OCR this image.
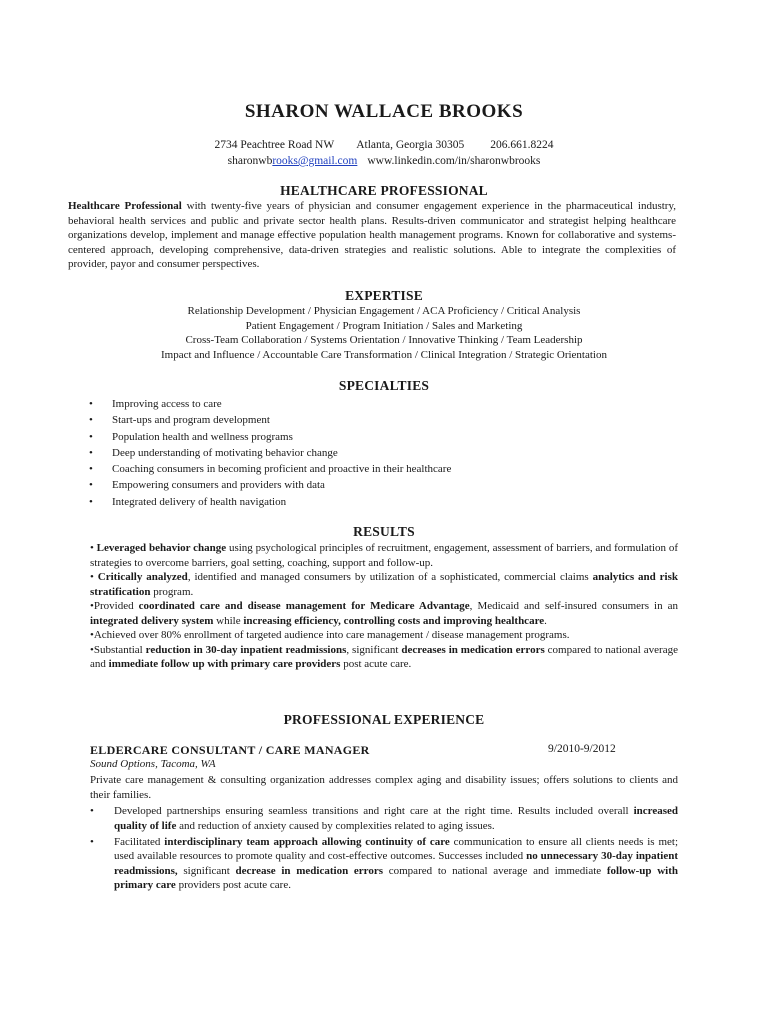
SHARON WALLACE BROOKS
2734 Peachtree Road NW Atlanta, Georgia 30305 206.661.8224
sharonwbrooks@gmail.com www.linkedin.com/in/sharonwbrooks
HEALTHCARE PROFESSIONAL
Healthcare Professional with twenty-five years of physician and consumer engagement experience in the pharmaceutical industry, behavioral health services and public and private sector health plans. Results-driven communicator and strategist helping healthcare organizations develop, implement and manage effective population health management programs. Known for collaborative and systems-centered approach, developing comprehensive, data-driven strategies and realistic solutions. Able to integrate the complexities of provider, payor and consumer perspectives.
EXPERTISE
Relationship Development / Physician Engagement / ACA Proficiency / Critical Analysis
Patient Engagement / Program Initiation / Sales and Marketing
Cross-Team Collaboration / Systems Orientation / Innovative Thinking / Team Leadership
Impact and Influence / Accountable Care Transformation / Clinical Integration / Strategic Orientation
SPECIALTIES
• Improving access to care
• Start-ups and program development
• Population health and wellness programs
• Deep understanding of motivating behavior change
• Coaching consumers in becoming proficient and proactive in their healthcare
• Empowering consumers and providers with data
• Integrated delivery of health navigation
RESULTS

• Leveraged behavior change using psychological principles of recruitment, engagement, assessment of barriers, and formulation of strategies to overcome barriers, goal setting, coaching, support and follow-up.

• Critically analyzed, identified and managed consumers by utilization of a sophisticated, commercial claims analytics and risk stratification program.

•Provided coordinated care and disease management for Medicare Advantage, Medicaid and self-insured consumers in an integrated delivery system while increasing efficiency, controlling costs and improving healthcare.

•Achieved over 80% enrollment of targeted audience into care management / disease management programs.

•Substantial reduction in 30-day inpatient readmissions, significant decreases in medication errors compared to national average and immediate follow up with primary care providers post acute care.

PROFESSIONAL EXPERIENCE
ELDERCARE CONSULTANT / CARE MANAGER	9/2010-9/2012
Sound Options, Tacoma, WA
Private care management & consulting organization addresses complex aging and disability issues; offers solutions to clients and their families.
• Developed partnerships ensuring seamless transitions and right care at the right time. Results included overall increased quality of life and reduction of anxiety caused by complexities related to aging issues.
• Facilitated interdisciplinary team approach allowing continuity of care communication to ensure all clients needs is met; used available resources to promote quality and cost-effective outcomes. Successes included no unnecessary 30-day inpatient readmissions, significant decrease in medication errors compared to national average and immediate follow-up with primary care providers post acute care.
